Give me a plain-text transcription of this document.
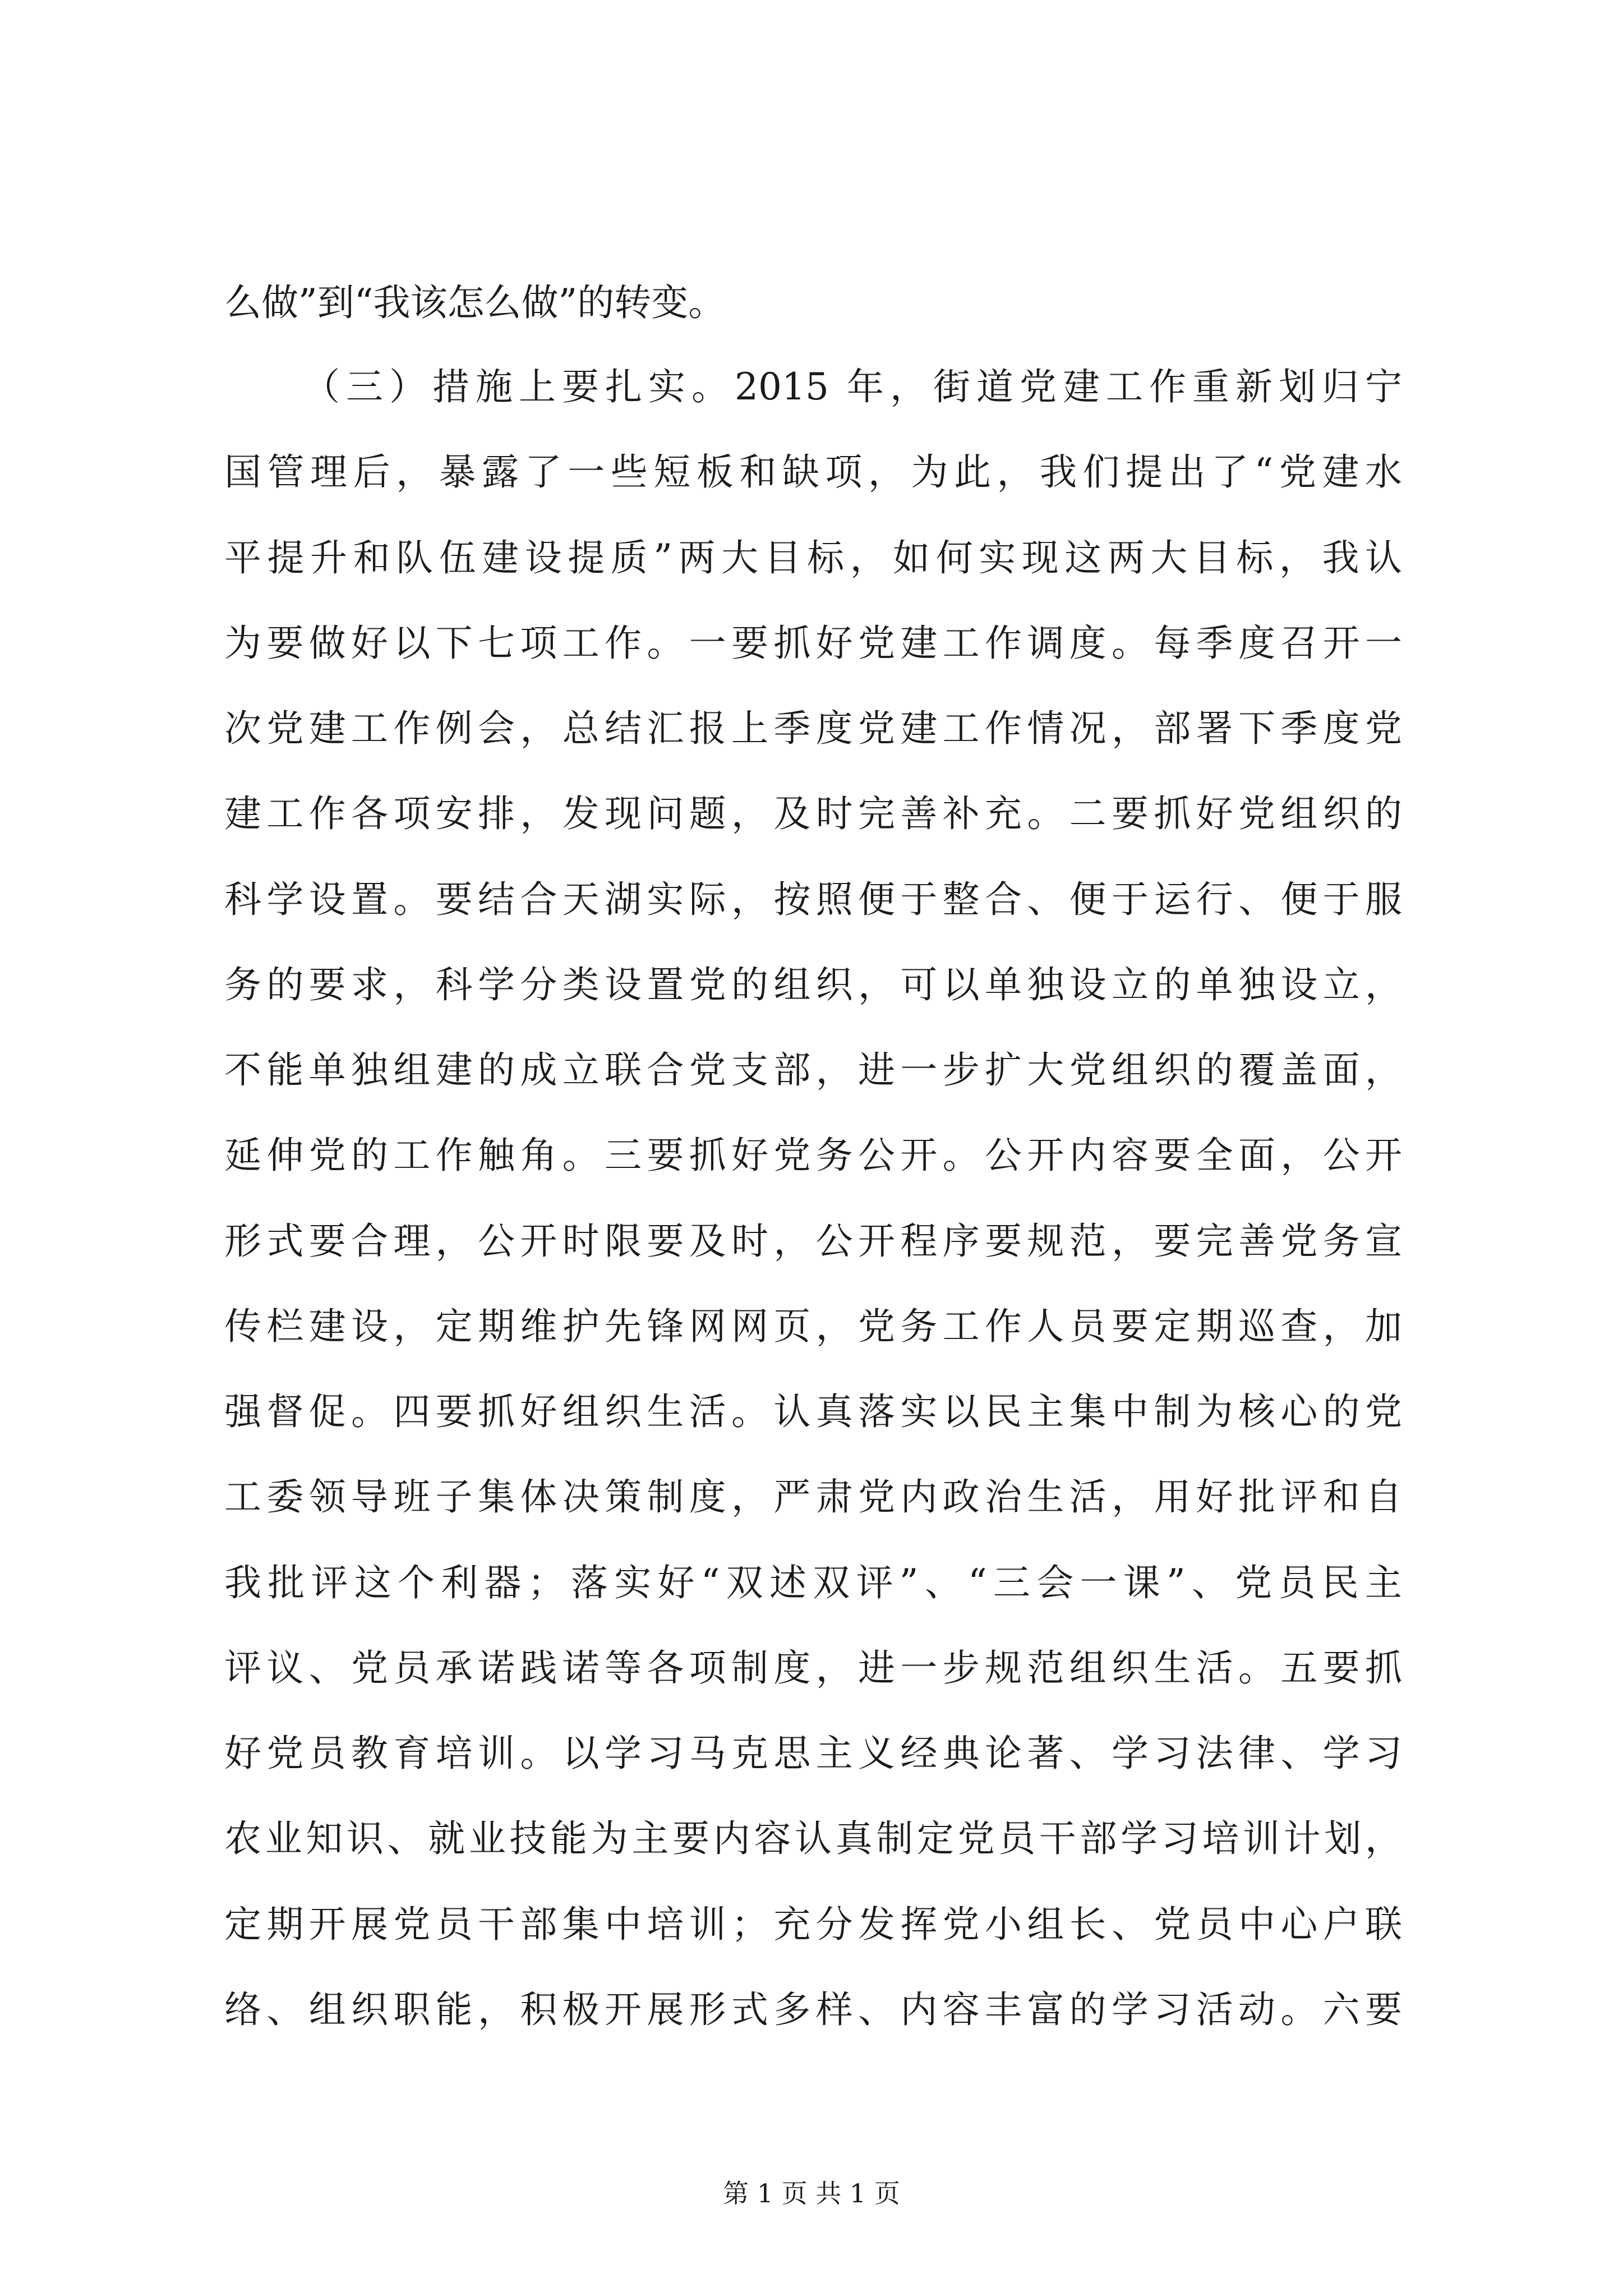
么做”到“我该怎么做”的转变。
（三）措施上要扎实。2015 年，街道党建工作重新划归宁
国管理后，暴露了一些短板和缺项，为此，我们提出了“党建水
平提升和队伍建设提质”两大目标，如何实现这两大目标，我认
为要做好以下七项工作。一要抓好党建工作调度。每季度召开一
次党建工作例会，总结汇报上季度党建工作情况，部署下季度党
建工作各项安排，发现问题，及时完善补充。二要抓好党组织的
科学设置。要结合天湖实际，按照便于整合、便于运行、便于服
务的要求，科学分类设置党的组织，可以单独设立的单独设立，
不能单独组建的成立联合党支部，进一步扩大党组织的覆盖面，
延伸党的工作触角。三要抓好党务公开。公开内容要全面，公开
形式要合理，公开时限要及时，公开程序要规范，要完善党务宣
传栏建设，定期维护先锋网网页，党务工作人员要定期巡查，加
强督促。四要抓好组织生活。认真落实以民主集中制为核心的党
工委领导班子集体决策制度，严肃党内政治生活，用好批评和自
我批评这个利器；落实好“双述双评”、“三会一课”、党员民主
评议、党员承诺践诺等各项制度，进一步规范组织生活。五要抓
好党员教育培训。以学习马克思主义经典论著、学习法律、学习
农业知识、就业技能为主要内容认真制定党员干部学习培训计划，
定期开展党员干部集中培训；充分发挥党小组长、党员中心户联
络、组织职能，积极开展形式多样、内容丰富的学习活动。六要
第 1 页 共 1 页
